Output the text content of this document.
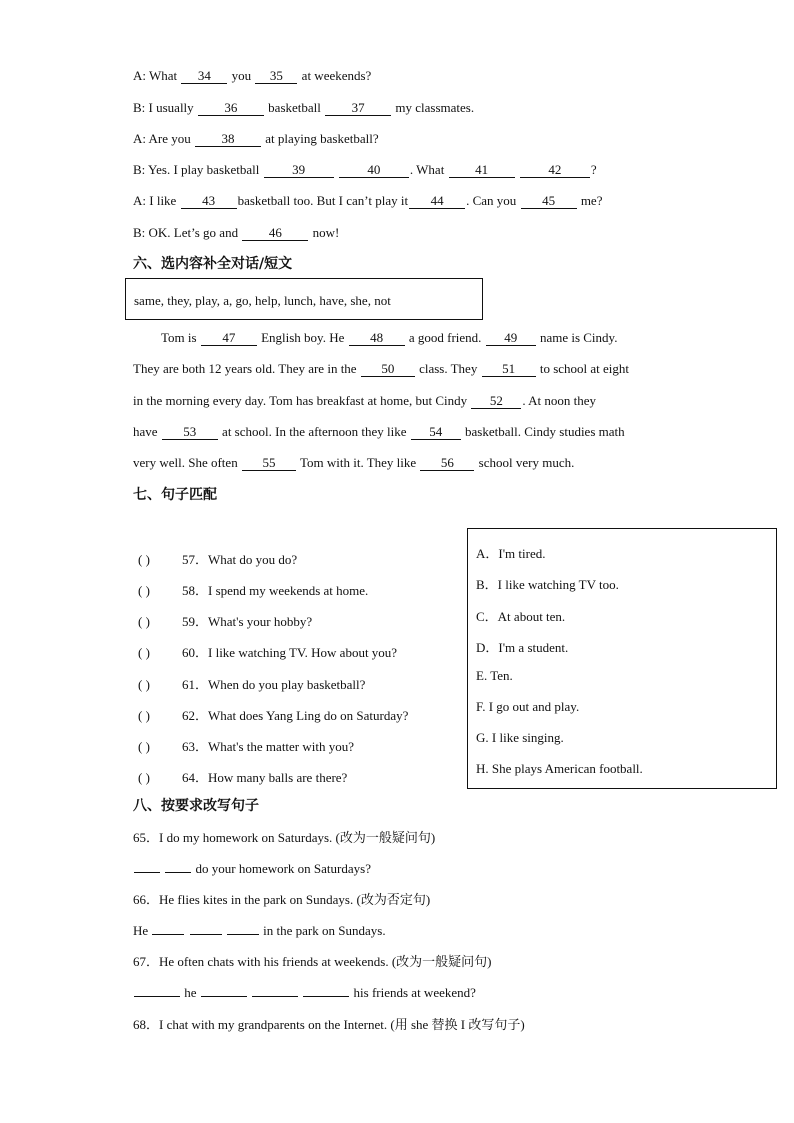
A: What 34 you 35 at weekends?
B: I usually 36 basketball 37 my classmates.
A: Are you 38 at playing basketball?
B: Yes. I play basketball	39	40 . What 41	42 ?
A: I like 43 basketball too. But I can’t play it 44 . Can you 45 me?
B: OK. Let’s go and 46 now!
六、选内容补全对话/短文
same, they, play, a, go, help, lunch, have, she, not
Tom is 47 English boy. He 48 a good friend. 49 name is Cindy.
They are both 12 years old. They are in the 50 class. They 51 to school at eight
in the morning every day. Tom has breakfast at home, but Cindy 52 . At noon they
have 53 at school. In the afternoon they like 54 basketball. Cindy studies math
very well. She often 55 Tom with it. They like 56 school very much.
七、句子匹配
( ) 57．What do you do?
( ) 58．I spend my weekends at home.
( ) 59．What's your hobby?
( ) 60．I like watching TV. How about you?
( ) 61．When do you play basketball?
( ) 62．What does Yang Ling do on Saturday?
( ) 63．What's the matter with you?
( ) 64．How many balls are there?
A．I'm tired.
B．I like watching TV too.
C．At about ten.
D．I'm a student.
E. Ten.
F. I go out and play.
G. I like singing.
H. She plays American football.
八、按要求改写句子
65．I do my homework on Saturdays. (改为一般疑问句)
do your homework on Saturdays?
66．He flies kites in the park on Sundays. (改为否定句)
He	in the park on Sundays.
67．He often chats with his friends at weekends. (改为一般疑问句)
he	his friends at weekend?
68．I chat with my grandparents on the Internet. (用 she 替换 I 改写句子)
